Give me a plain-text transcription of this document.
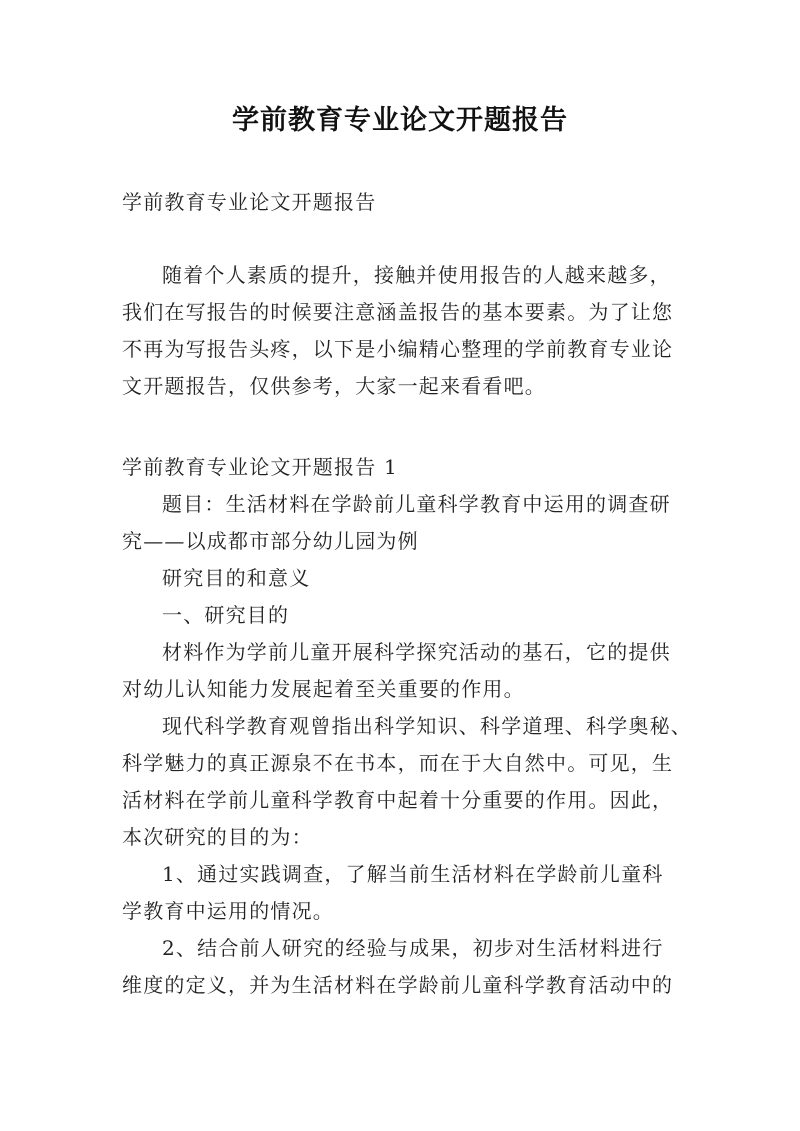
学前教育专业论文开题报告
学前教育专业论文开题报告
随着个人素质的提升，接触并使用报告的人越来越多，
我们在写报告的时候要注意涵盖报告的基本要素。为了让您
不再为写报告头疼，以下是小编精心整理的学前教育专业论
文开题报告，仅供参考，大家一起来看看吧。
学前教育专业论文开题报告 1
题目：生活材料在学龄前儿童科学教育中运用的调查研
究——以成都市部分幼儿园为例
研究目的和意义
一、研究目的
材料作为学前儿童开展科学探究活动的基石，它的提供
对幼儿认知能力发展起着至关重要的作用。
现代科学教育观曾指出科学知识、科学道理、科学奥秘、
科学魅力的真正源泉不在书本，而在于大自然中。可见，生
活材料在学前儿童科学教育中起着十分重要的作用。因此，
本次研究的目的为：
1、通过实践调查，了解当前生活材料在学龄前儿童科
学教育中运用的情况。
2、结合前人研究的经验与成果，初步对生活材料进行
维度的定义，并为生活材料在学龄前儿童科学教育活动中的
